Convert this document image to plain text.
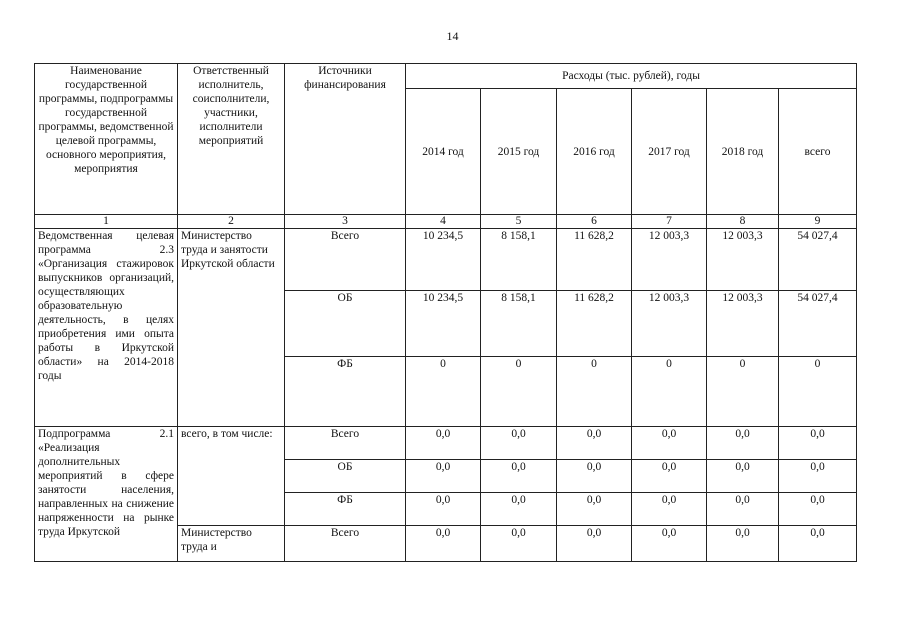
14
Наименование государственной программы, подпрограммы государственной программы, ведомственной целевой программы, основного мероприятия, мероприятия	Ответственный исполнитель, соисполнители, участники, исполнители мероприятий	Источники финансирования	Расходы (тыс. рублей), годы					
			2014 год	2015 год	2016 год	2017 год	2018 год	всего
1	2	3	4	5	6	7	8	9
Ведомственная целевая программа 2.3 «Организация стажировок выпускников организаций, осуществляющих образовательную деятельность, в целях приобретения ими опыта работы в Иркутской области» на 2014-2018 годы	Министерство труда и занятости Иркутской области	Всего	10 234,5	8 158,1	11 628,2	12 003,3	12 003,3	54 027,4
		ОБ	10 234,5	8 158,1	11 628,2	12 003,3	12 003,3	54 027,4
		ФБ	0	0	0	0	0	0
Подпрограмма 2.1 «Реализация дополнительных мероприятий в сфере занятости населения, направленных на снижение напряженности на рынке труда Иркутской	всего, в том числе:	Всего	0,0	0,0	0,0	0,0	0,0	0,0
		ОБ	0,0	0,0	0,0	0,0	0,0	0,0
		ФБ	0,0	0,0	0,0	0,0	0,0	0,0
	Министерство труда и	Всего	0,0	0,0	0,0	0,0	0,0	0,0
